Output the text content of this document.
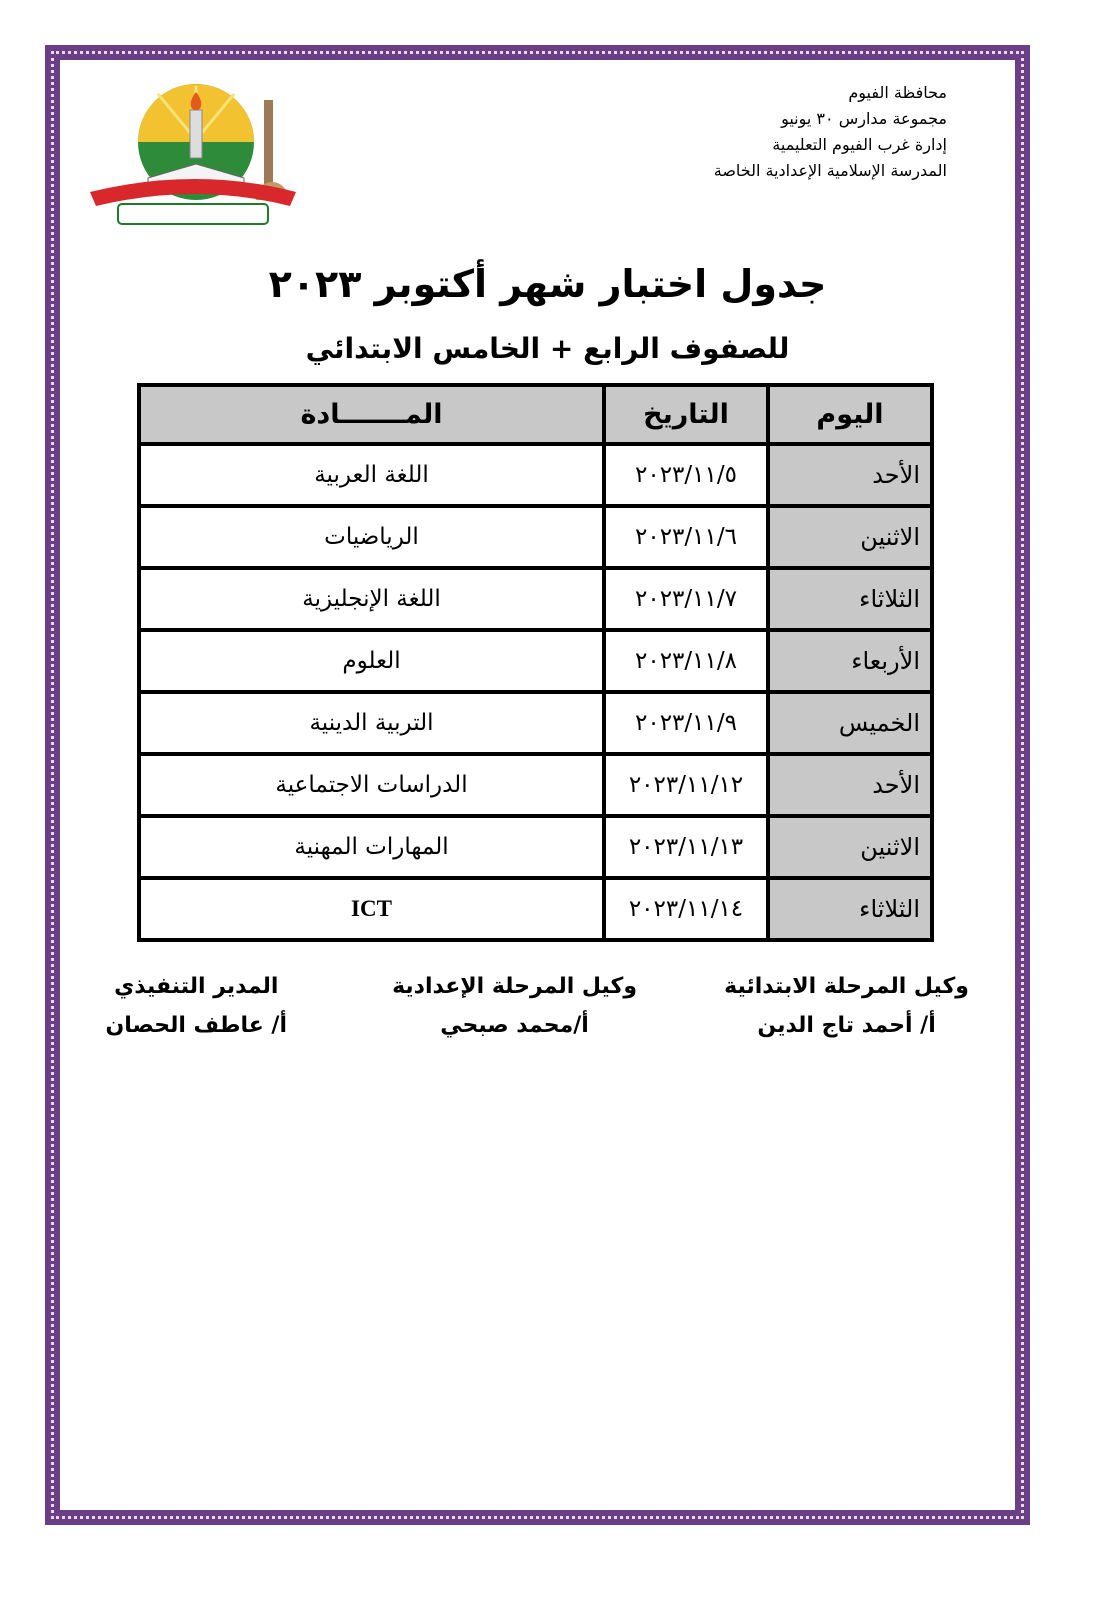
محافظة الفيوم
مجموعة مدارس ٣٠ يونيو
إدارة غرب الفيوم التعليمية
المدرسة الإسلامية الإعدادية الخاصة
جدول اختبار شهر أكتوبر ٢٠٢٣
للصفوف الرابع + الخامس الابتدائي
اليوم	التاريخ	المـــــــادة
الأحد	٢٠٢٣/١١/٥	اللغة العربية
الاثنين	٢٠٢٣/١١/٦	الرياضيات
الثلاثاء	٢٠٢٣/١١/٧	اللغة الإنجليزية
الأربعاء	٢٠٢٣/١١/٨	العلوم
الخميس	٢٠٢٣/١١/٩	التربية الدينية
الأحد	٢٠٢٣/١١/١٢	الدراسات الاجتماعية
الاثنين	٢٠٢٣/١١/١٣	المهارات المهنية
الثلاثاء	٢٠٢٣/١١/١٤	ICT
وكيل المرحلة الابتدائية
أ/ أحمد تاج الدين
وكيل المرحلة الإعدادية
أ/محمد صبحي
المدير التنفيذي
أ/ عاطف الحصان
